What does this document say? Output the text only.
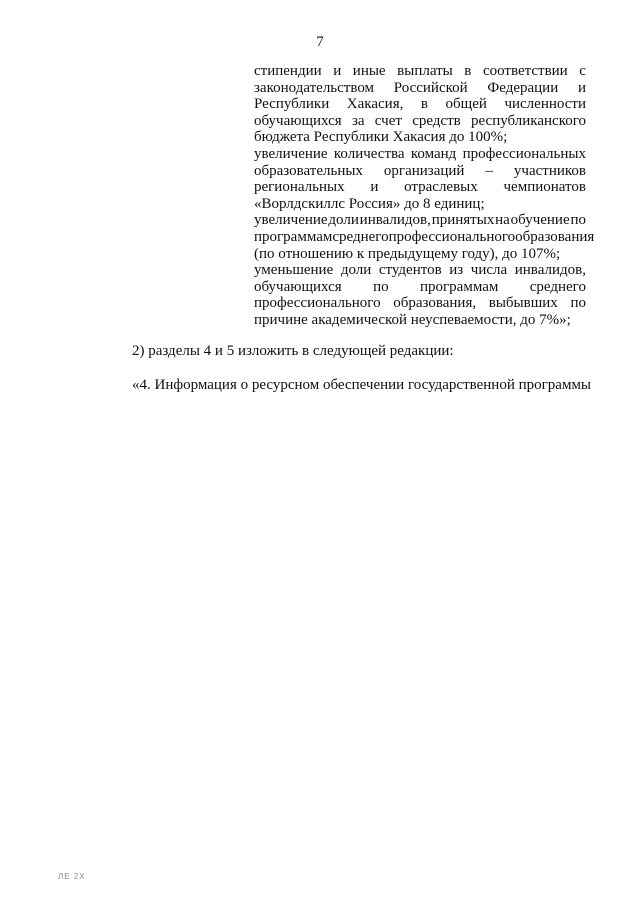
7
стипендии и иные выплаты в соответствии с
законодательством Российской Федерации и
Республики Хакасия, в общей численности
обучающихся за счет средств республиканского
бюджета Республики Хакасия до 100%;
увеличение количества команд профессиональных
образовательных организаций – участников
региональных и отраслевых чемпионатов
«Ворлдскиллс Россия» до 8 единиц;
увеличение доли инвалидов, принятых на обучение по
программам среднего профессионального образования
(по отношению к предыдущему году), до 107%;
уменьшение доли студентов из числа инвалидов,
обучающихся по программам среднего
профессионального образования, выбывших по
причине академической неуспеваемости, до 7%»;
2) разделы 4 и 5 изложить в следующей редакции:
«4. Информация о ресурсном обеспечении государственной программы
ЛЕ 2Х
